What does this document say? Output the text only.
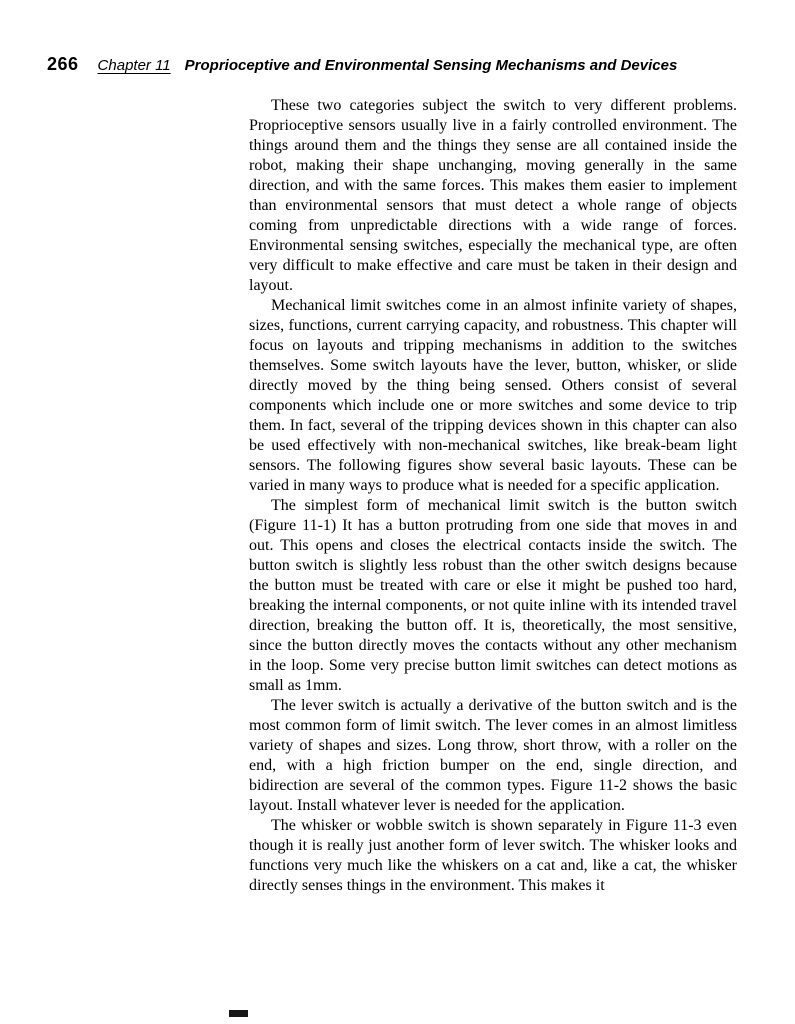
266 Chapter 11 Proprioceptive and Environmental Sensing Mechanisms and Devices

These two categories subject the switch to very different problems. Proprioceptive sensors usually live in a fairly controlled environment. The things around them and the things they sense are all contained inside the robot, making their shape unchanging, moving generally in the same direction, and with the same forces. This makes them easier to implement than environmental sensors that must detect a whole range of objects coming from unpredictable directions with a wide range of forces. Environmental sensing switches, especially the mechanical type, are often very difficult to make effective and care must be taken in their design and layout.

Mechanical limit switches come in an almost infinite variety of shapes, sizes, functions, current carrying capacity, and robustness. This chapter will focus on layouts and tripping mechanisms in addition to the switches themselves. Some switch layouts have the lever, button, whisker, or slide directly moved by the thing being sensed. Others consist of several components which include one or more switches and some device to trip them. In fact, several of the tripping devices shown in this chapter can also be used effectively with non-mechanical switches, like break-beam light sensors. The following figures show several basic layouts. These can be varied in many ways to produce what is needed for a specific application.

The simplest form of mechanical limit switch is the button switch (Figure 11-1) It has a button protruding from one side that moves in and out. This opens and closes the electrical contacts inside the switch. The button switch is slightly less robust than the other switch designs because the button must be treated with care or else it might be pushed too hard, breaking the internal components, or not quite inline with its intended travel direction, breaking the button off. It is, theoretically, the most sensitive, since the button directly moves the contacts without any other mechanism in the loop. Some very precise button limit switches can detect motions as small as 1mm.

The lever switch is actually a derivative of the button switch and is the most common form of limit switch. The lever comes in an almost limitless variety of shapes and sizes. Long throw, short throw, with a roller on the end, with a high friction bumper on the end, single direction, and bidirection are several of the common types. Figure 11-2 shows the basic layout. Install whatever lever is needed for the application.

The whisker or wobble switch is shown separately in Figure 11-3 even though it is really just another form of lever switch. The whisker looks and functions very much like the whiskers on a cat and, like a cat, the whisker directly senses things in the environment. This makes it
